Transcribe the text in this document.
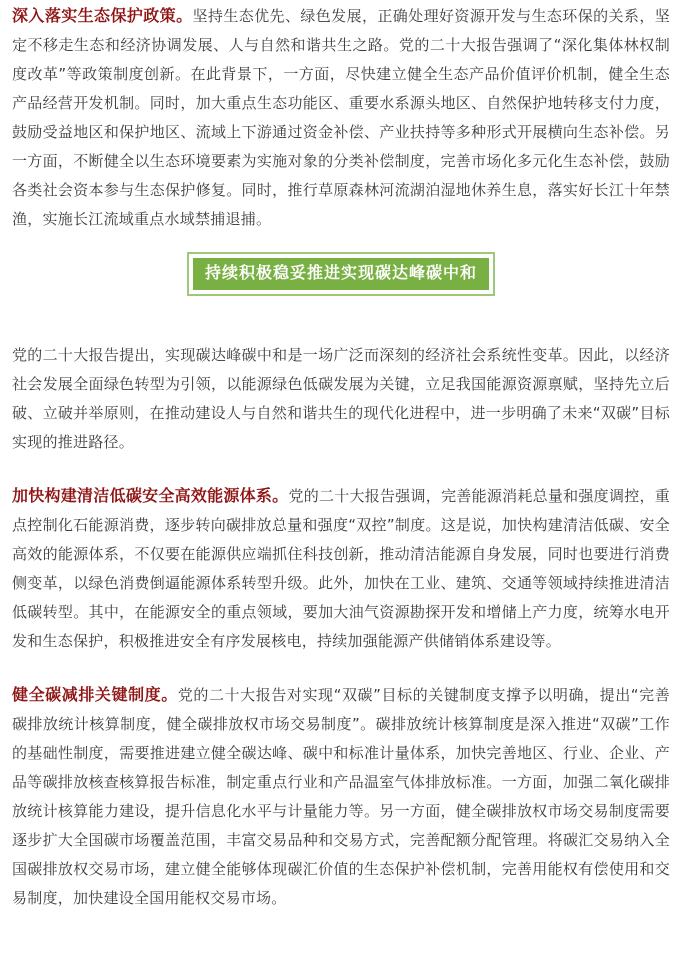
深入落实生态保护政策。坚持生态优先、绿色发展，正确处理好资源开发与生态环保的关系，坚定不移走生态和经济协调发展、人与自然和谐共生之路。党的二十大报告强调了“深化集体林权制度改革”等政策制度创新。在此背景下，一方面，尽快建立健全生态产品价值评价机制，健全生态产品经营开发机制。同时，加大重点生态功能区、重要水系源头地区、自然保护地转移支付力度，鼓励受益地区和保护地区、流域上下游通过资金补偿、产业扶持等多种形式开展横向生态补偿。另一方面，不断健全以生态环境要素为实施对象的分类补偿制度，完善市场化多元化生态补偿，鼓励各类社会资本参与生态保护修复。同时，推行草原森林河流湖泊湿地休养生息，落实好长江十年禁渔，实施长江流域重点水域禁捕退捕。

持续积极稳妥推进实现碳达峰碳中和

党的二十大报告提出，实现碳达峰碳中和是一场广泛而深刻的经济社会系统性变革。因此，以经济社会发展全面绿色转型为引领，以能源绿色低碳发展为关键，立足我国能源资源禀赋，坚持先立后破、立破并举原则，在推动建设人与自然和谐共生的现代化进程中，进一步明确了未来“双碳”目标实现的推进路径。

加快构建清洁低碳安全高效能源体系。党的二十大报告强调，完善能源消耗总量和强度调控，重点控制化石能源消费，逐步转向碳排放总量和强度“双控”制度。这是说，加快构建清洁低碳、安全高效的能源体系，不仅要在能源供应端抓住科技创新，推动清洁能源自身发展，同时也要进行消费侧变革，以绿色消费倒逼能源体系转型升级。此外，加快在工业、建筑、交通等领域持续推进清洁低碳转型。其中，在能源安全的重点领域，要加大油气资源勘探开发和增储上产力度，统筹水电开发和生态保护，积极推进安全有序发展核电，持续加强能源产供储销体系建设等。

健全碳减排关键制度。党的二十大报告对实现“双碳”目标的关键制度支撑予以明确，提出“完善碳排放统计核算制度，健全碳排放权市场交易制度”。碳排放统计核算制度是深入推进“双碳”工作的基础性制度，需要推进建立健全碳达峰、碳中和标准计量体系，加快完善地区、行业、企业、产品等碳排放核查核算报告标准，制定重点行业和产品温室气体排放标准。一方面，加强二氧化碳排放统计核算能力建设，提升信息化水平与计量能力等。另一方面，健全碳排放权市场交易制度需要逐步扩大全国碳市场覆盖范围，丰富交易品种和交易方式，完善配额分配管理。将碳汇交易纳入全国碳排放权交易市场，建立健全能够体现碳汇价值的生态保护补偿机制，完善用能权有偿使用和交易制度，加快建设全国用能权交易市场。
